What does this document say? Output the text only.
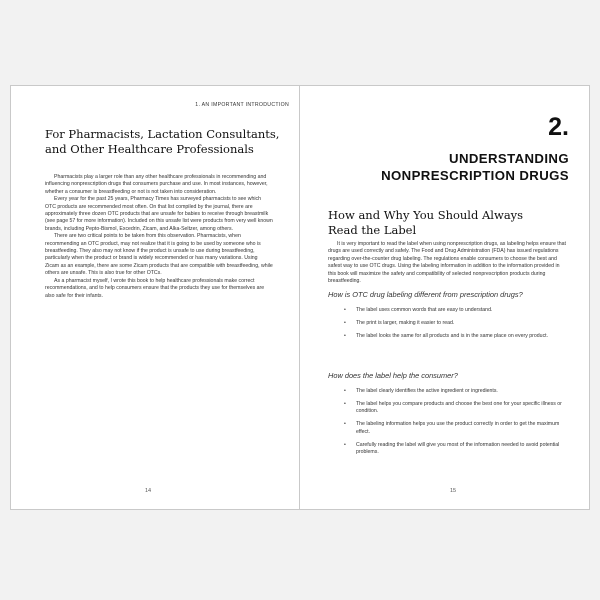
1. AN IMPORTANT INTRODUCTION
For Pharmacists, Lactation Consultants, and Other Healthcare Professionals

Pharmacists play a larger role than any other healthcare professionals in recommending and influencing nonprescription drugs that consumers purchase and use. In most instances, however, whether a consumer is breastfeeding or not is not taken into consideration.

Every year for the past 25 years, Pharmacy Times has surveyed pharmacists to see which OTC products are recommended most often. On that list compiled by the journal, there are approximately three dozen OTC products that are unsafe for babies to receive through breastmilk (see page 57 for more information). Included on this unsafe list were products from very well known brands, including Pepto-Bismol, Excedrin, Zicam, and Alka-Seltzer, among others.

There are two critical points to be taken from this observation. Pharmacists, when recommending an OTC product, may not realize that it is going to be used by someone who is breastfeeding. They also may not know if the product is unsafe to use during breastfeeding, particularly when the product or brand is widely recommended or has many variations. Using Zicam as an example, there are some Zicam products that are compatible with breastfeeding, while others are unsafe. This is also true for other OTCs.

As a pharmacist myself, I wrote this book to help healthcare professionals make correct recommendations, and to help consumers ensure that the products they use for themselves are also safe for their infants.

14
2.
UNDERSTANDING
NONPRESCRIPTION DRUGS
How and Why You Should Always Read the Label

It is very important to read the label when using nonprescription drugs, as labeling helps ensure that drugs are used correctly and safely. The Food and Drug Administration (FDA) has issued regulations regarding over-the-counter drug labeling. The regulations enable consumers to choose the best and safest way to use OTC drugs. Using the labeling information in addition to the information provided in this book will maximize the safety and compatibility of selected nonprescription products during breastfeeding.

How is OTC drug labeling different from prescription drugs?
• The label uses common words that are easy to understand.
• The print is larger, making it easier to read.
• The label looks the same for all products and is in the same place on every product.
How does the label help the consumer?
• The label clearly identifies the active ingredient or ingredients.
• The label helps you compare products and choose the best one for your specific illness or condition.
• The labeling information helps you use the product correctly in order to get the maximum effect.
• Carefully reading the label will give you most of the information needed to avoid potential problems.
15
